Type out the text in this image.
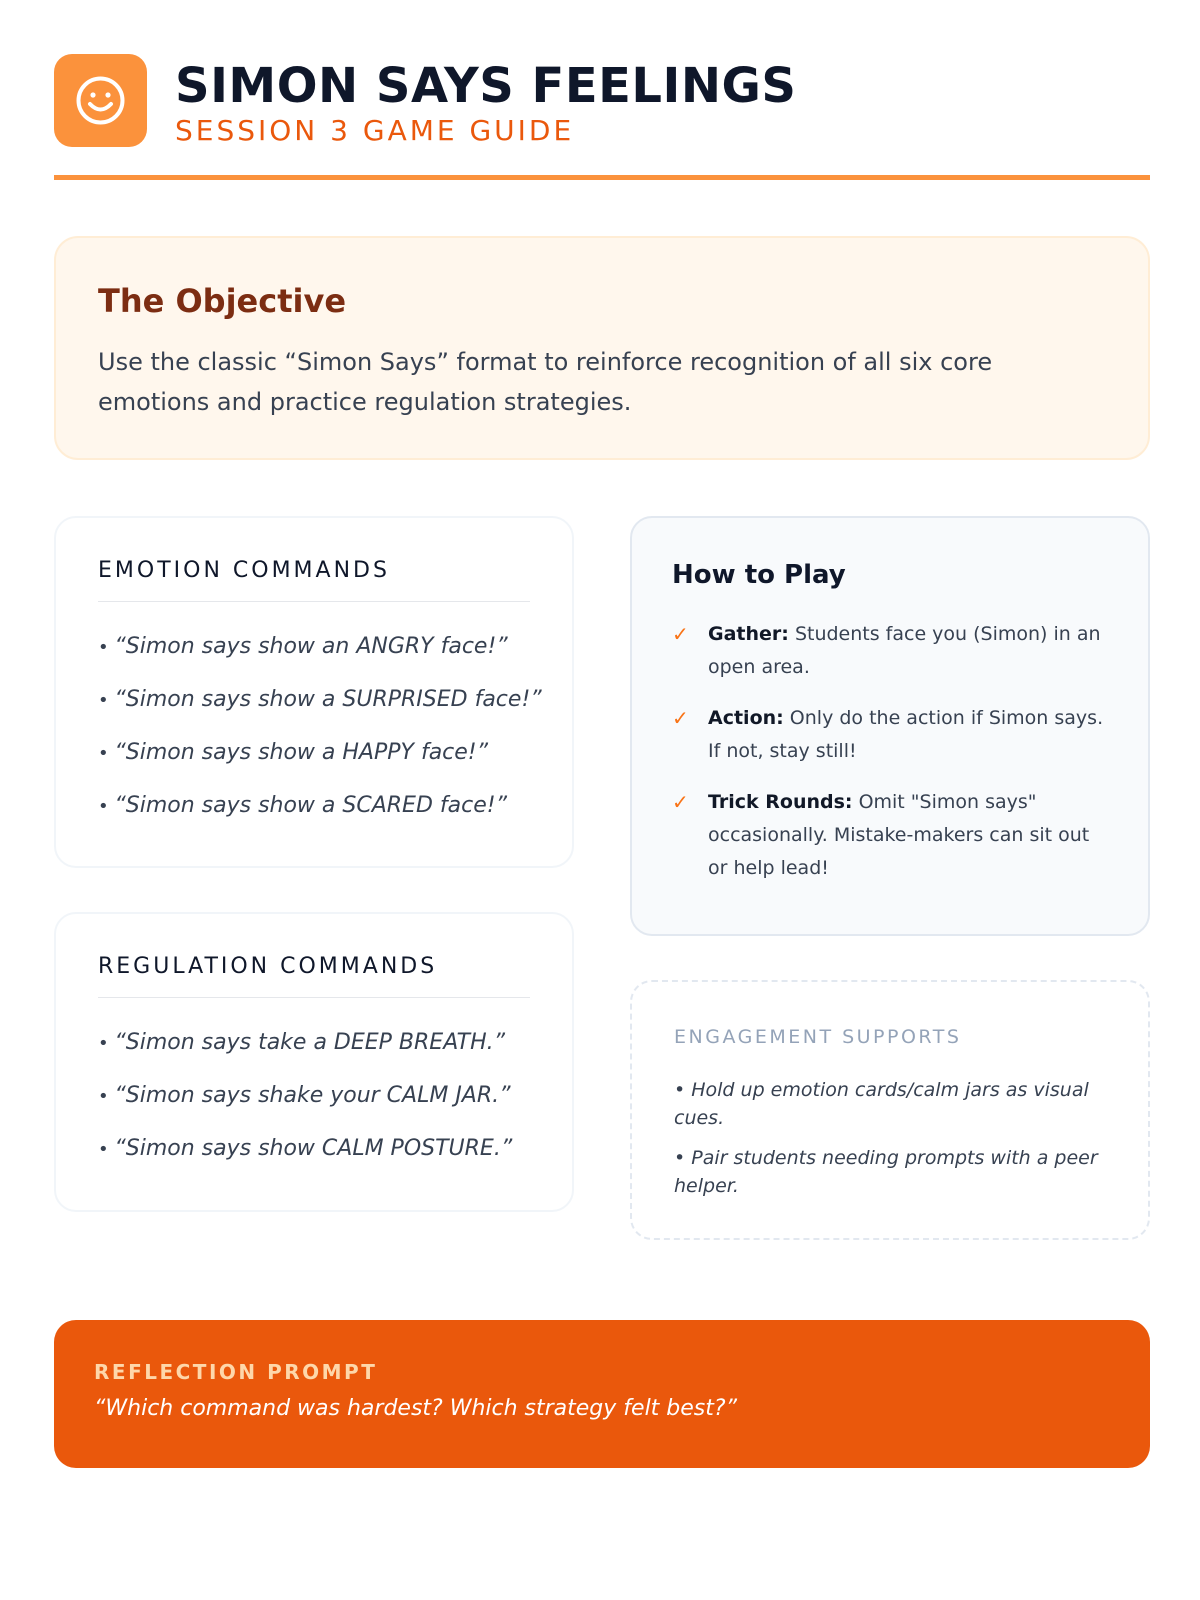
SIMON SAYS FEELINGS
SESSION 3 GAME GUIDE
The Objective

Use the classic “Simon Says” format to reinforce recognition of all six core emotions and practice regulation strategies.

EMOTION COMMANDS
• “Simon says show an ANGRY face!”
• “Simon says show a SURPRISED face!”
• “Simon says show a HAPPY face!”
• “Simon says show a SCARED face!”
REGULATION COMMANDS
• “Simon says take a DEEP BREATH.”
• “Simon says shake your CALM JAR.”
• “Simon says show CALM POSTURE.”
How to Play
✓ Gather: Students face you (Simon) in an open area.
✓ Action: Only do the action if Simon says. If not, stay still!
✓ Trick Rounds: Omit "Simon says" occasionally. Mistake-makers can sit out or help lead!
ENGAGEMENT SUPPORTS

• Hold up emotion cards/calm jars as visual cues.

• Pair students needing prompts with a peer helper.

REFLECTION PROMPT

“Which command was hardest? Which strategy felt best?”
